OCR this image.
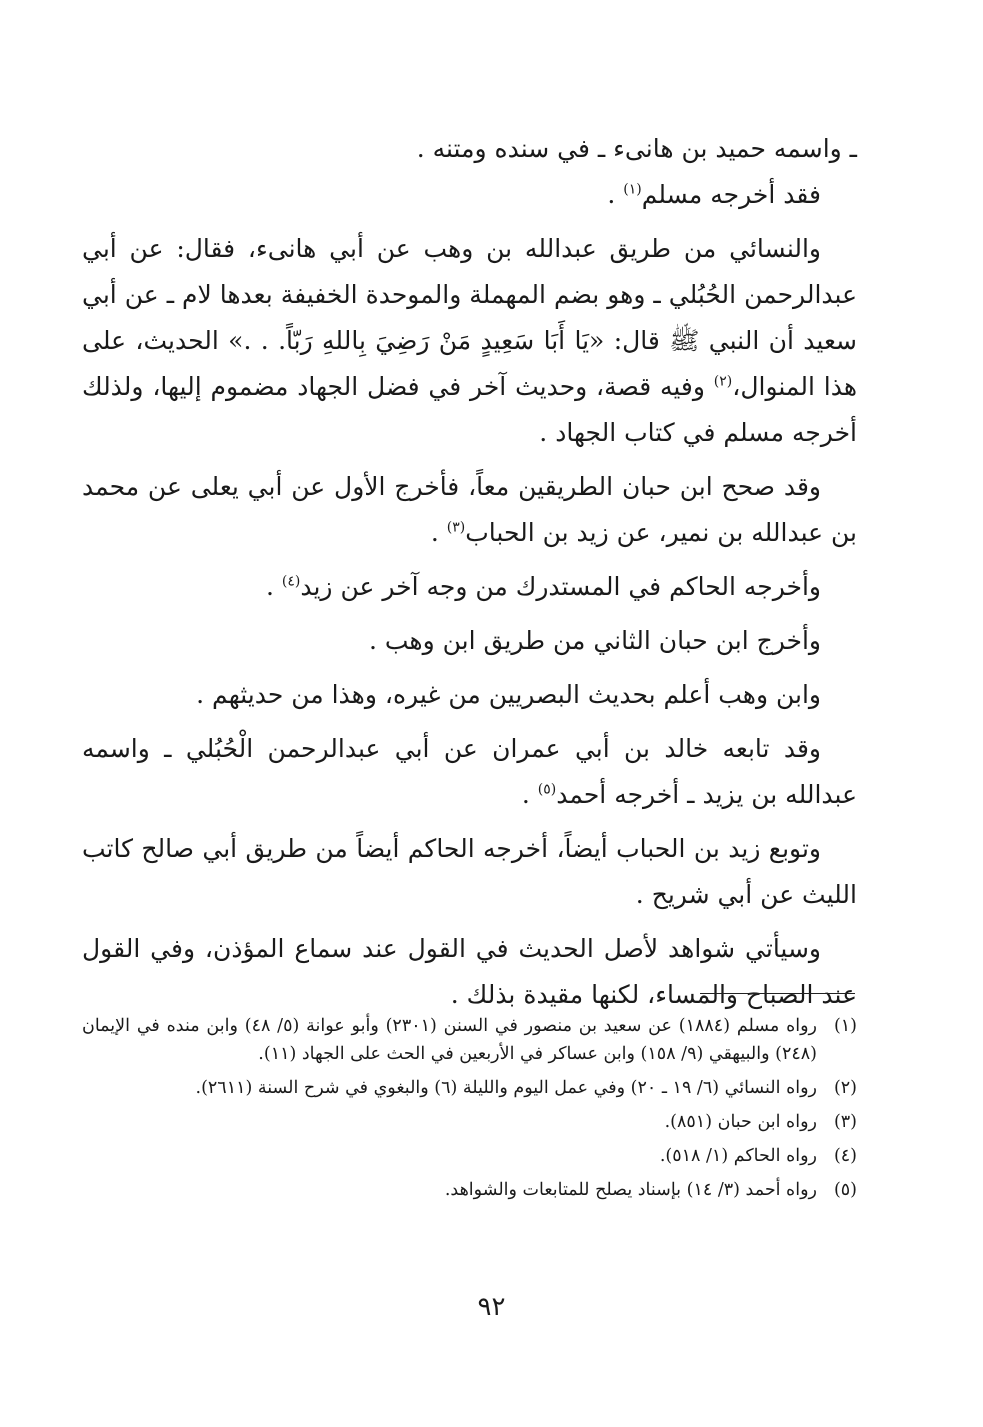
ـ واسمه حميد بن هانىء ـ في سنده ومتنه .

فقد أخرجه مسلم$^{(١)}$ .

والنسائي من طريق عبدالله بن وهب عن أبي هانىء، فقال: عن أبي عبدالرحمن الحُبُلي ـ وهو بضم المهملة والموحدة الخفيفة بعدها لام ـ عن أبي سعيد أن النبي ﷺ قال: «يَا أَبَا سَعِيدٍ مَنْ رَضِيَ بِاللهِ رَبّاً. . .» الحديث، على هذا المنوال،$^{(٢)}$ وفيه قصة، وحديث آخر في فضل الجهاد مضموم إليها، ولذلك أخرجه مسلم في كتاب الجهاد .

وقد صحح ابن حبان الطريقين معاً، فأخرج الأول عن أبي يعلى عن محمد بن عبدالله بن نمير، عن زيد بن الحباب$^{(٣)}$ .

وأخرجه الحاكم في المستدرك من وجه آخر عن زيد$^{(٤)}$ .

وأخرج ابن حبان الثاني من طريق ابن وهب .

وابن وهب أعلم بحديث البصريين من غيره، وهذا من حديثهم .

وقد تابعه خالد بن أبي عمران عن أبي عبدالرحمن الْحُبُلي ـ واسمه عبدالله بن يزيد ـ أخرجه أحمد$^{(٥)}$ .

وتوبع زيد بن الحباب أيضاً، أخرجه الحاكم أيضاً من طريق أبي صالح كاتب الليث عن أبي شريح .

وسيأتي شواهد لأصل الحديث في القول عند سماع المؤذن، وفي القول عند الصباح والمساء، لكنها مقيدة بذلك .

(١)
رواه مسلم (١٨٨٤) عن سعيد بن منصور في السنن (٢٣٠١) وأبو عوانة (٥/ ٤٨) وابن منده في الإيمان (٢٤٨) والبيهقي (٩/ ١٥٨) وابن عساكر في الأربعين في الحث على الجهاد (١١).
(٢)
رواه النسائي (٦/ ١٩ ـ ٢٠) وفي عمل اليوم والليلة (٦) والبغوي في شرح السنة (٢٦١١).
(٣)
رواه ابن حبان (٨٥١).
(٤)
رواه الحاكم (١/ ٥١٨).
(٥)
رواه أحمد (٣/ ١٤) بإسناد يصلح للمتابعات والشواهد.
٩٢
